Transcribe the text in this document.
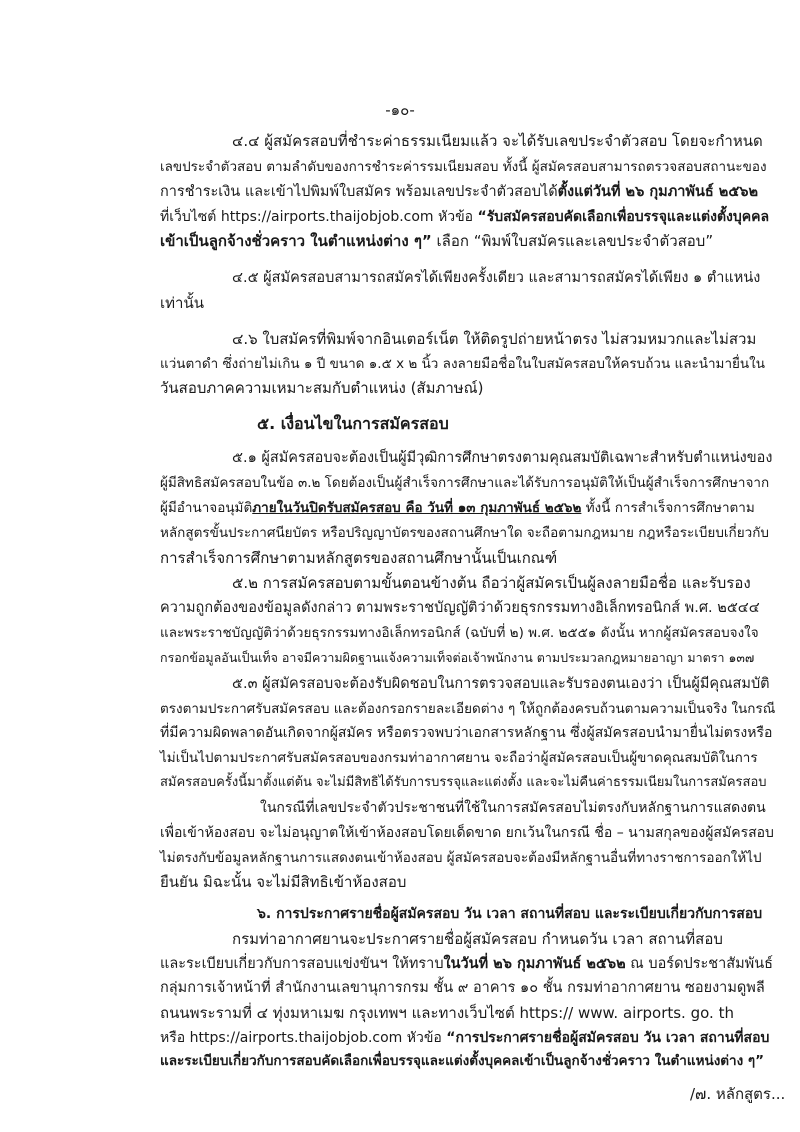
-๑๐-
๔.๔ ผู้สมัครสอบที่ชำระค่าธรรมเนียมแล้ว จะได้รับเลขประจำตัวสอบ โดยจะกำหนด
เลขประจำตัวสอบ ตามลำดับของการชำระค่ารรมเนียมสอบ ทั้งนี้ ผู้สมัครสอบสามารถตรวจสอบสถานะของ
การชำระเงิน และเข้าไปพิมพ์ใบสมัคร พร้อมเลขประจำตัวสอบได้ตั้งแต่วันที่ ๒๖ กุมภาพันธ์ ๒๕๖๒
ที่เว็บไซต์ https://airports.thaijobjob.com หัวข้อ “รับสมัครสอบคัดเลือกเพื่อบรรจุและแต่งตั้งบุคคล
เข้าเป็นลูกจ้างชั่วคราว ในตำแหน่งต่าง ๆ” เลือก “พิมพ์ใบสมัครและเลขประจำตัวสอบ”
๔.๕ ผู้สมัครสอบสามารถสมัครได้เพียงครั้งเดียว และสามารถสมัครได้เพียง ๑ ตำแหน่ง
เท่านั้น
๔.๖ ใบสมัครที่พิมพ์จากอินเตอร์เน็ต ให้ติดรูปถ่ายหน้าตรง ไม่สวมหมวกและไม่สวม
แว่นตาดำ ซึ่งถ่ายไม่เกิน ๑ ปี ขนาด ๑.๕ x ๒ นิ้ว ลงลายมือชื่อในใบสมัครสอบให้ครบถ้วน และนำมายื่นใน
วันสอบภาคความเหมาะสมกับตำแหน่ง (สัมภาษณ์)
๕. เงื่อนไขในการสมัครสอบ
๕.๑ ผู้สมัครสอบจะต้องเป็นผู้มีวุฒิการศึกษาตรงตามคุณสมบัติเฉพาะสำหรับตำแหน่งของ
ผู้มีสิทธิสมัครสอบในข้อ ๓.๒ โดยต้องเป็นผู้สำเร็จการศึกษาและได้รับการอนุมัติให้เป็นผู้สำเร็จการศึกษาจาก
ผู้มีอำนาจอนุมัติภายในวันปิดรับสมัครสอบ คือ วันที่ ๑๓ กุมภาพันธ์ ๒๕๖๒ ทั้งนี้ การสำเร็จการศึกษาตาม
หลักสูตรขั้นประกาศนียบัตร หรือปริญญาบัตรของสถานศึกษาใด จะถือตามกฎหมาย กฎหรือระเบียบเกี่ยวกับ
การสำเร็จการศึกษาตามหลักสูตรของสถานศึกษานั้นเป็นเกณฑ์
๕.๒ การสมัครสอบตามขั้นตอนข้างต้น ถือว่าผู้สมัครเป็นผู้ลงลายมือชื่อ และรับรอง
ความถูกต้องของข้อมูลดังกล่าว ตามพระราชบัญญัติว่าด้วยธุรกรรมทางอิเล็กทรอนิกส์ พ.ศ. ๒๕๔๔
และพระราชบัญญัติว่าด้วยธุรกรรมทางอิเล็กทรอนิกส์ (ฉบับที่ ๒) พ.ศ. ๒๕๕๑ ดังนั้น หากผู้สมัครสอบจงใจ
กรอกข้อมูลอันเป็นเท็จ อาจมีความผิดฐานแจ้งความเท็จต่อเจ้าพนักงาน ตามประมวลกฎหมายอาญา มาตรา ๑๓๗
๕.๓ ผู้สมัครสอบจะต้องรับผิดชอบในการตรวจสอบและรับรองตนเองว่า เป็นผู้มีคุณสมบัติ
ตรงตามประกาศรับสมัครสอบ และต้องกรอกรายละเอียดต่าง ๆ ให้ถูกต้องครบถ้วนตามความเป็นจริง ในกรณี
ที่มีความผิดพลาดอันเกิดจากผู้สมัคร หรือตรวจพบว่าเอกสารหลักฐาน ซึ่งผู้สมัครสอบนำมายื่นไม่ตรงหรือ
ไม่เป็นไปตามประกาศรับสมัครสอบของกรมท่าอากาศยาน จะถือว่าผู้สมัครสอบเป็นผู้ขาดคุณสมบัติในการ
สมัครสอบครั้งนี้มาตั้งแต่ต้น จะไม่มีสิทธิได้รับการบรรจุและแต่งตั้ง และจะไม่คืนค่าธรรมเนียมในการสมัครสอบ
ในกรณีที่เลขประจำตัวประชาชนที่ใช้ในการสมัครสอบไม่ตรงกับหลักฐานการแสดงตน
เพื่อเข้าห้องสอบ จะไม่อนุญาตให้เข้าห้องสอบโดยเด็ดขาด ยกเว้นในกรณี ชื่อ – นามสกุลของผู้สมัครสอบ
ไม่ตรงกับข้อมูลหลักฐานการแสดงตนเข้าห้องสอบ ผู้สมัครสอบจะต้องมีหลักฐานอื่นที่ทางราชการออกให้ไป
ยืนยัน มิฉะนั้น จะไม่มีสิทธิเข้าห้องสอบ
๖. การประกาศรายชื่อผู้สมัครสอบ วัน เวลา สถานที่สอบ และระเบียบเกี่ยวกับการสอบ
กรมท่าอากาศยานจะประกาศรายชื่อผู้สมัครสอบ กำหนดวัน เวลา สถานที่สอบ
และระเบียบเกี่ยวกับการสอบแข่งขันฯ ให้ทราบในวันที่ ๒๖ กุมภาพันธ์ ๒๕๖๒ ณ บอร์ดประชาสัมพันธ์
กลุ่มการเจ้าหน้าที่ สำนักงานเลขานุการกรม ชั้น ๙ อาคาร ๑๐ ชั้น กรมท่าอากาศยาน ซอยงามดูพลี
ถนนพระรามที่ ๔ ทุ่งมหาเมฆ กรุงเทพฯ และทางเว็บไซต์ https:// www. airports. go. th
หรือ https://airports.thaijobjob.com หัวข้อ “การประกาศรายชื่อผู้สมัครสอบ วัน เวลา สถานที่สอบ
และระเบียบเกี่ยวกับการสอบคัดเลือกเพื่อบรรจุและแต่งตั้งบุคคลเข้าเป็นลูกจ้างชั่วคราว ในตำแหน่งต่าง ๆ”
/๗. หลักสูตร...
